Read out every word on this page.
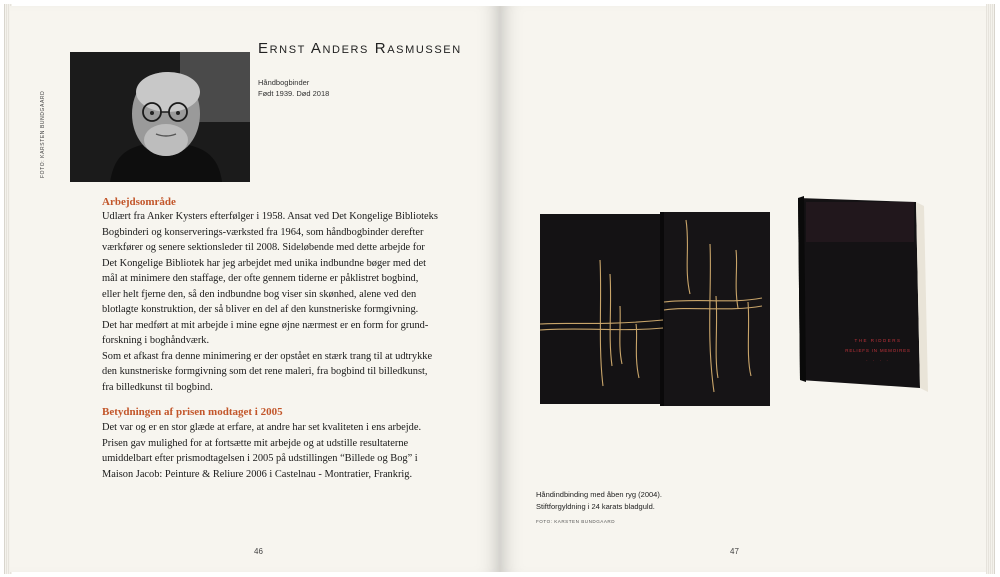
FOTO: KARSTEN BUNDGAARD
Ernst Anders Rasmussen
Håndbogbinder
Født 1939. Død 2018
Arbejdsområde
Udlært fra Anker Kysters efterfølger i 1958. Ansat ved Det Kongelige Biblioteks
Bogbinderi og konserverings-værksted fra 1964, som håndbogbinder derefter
værkfører og senere sektionsleder til 2008. Sideløbende med dette arbejde for
Det Kongelige Bibliotek har jeg arbejdet med unika indbundne bøger med det
mål at minimere den staffage, der ofte gennem tiderne er påklistret bogbind,
eller helt fjerne den, så den indbundne bog viser sin skønhed, alene ved den
blotlagte konstruktion, der så bliver en del af den kunstneriske formgivning.
Det har medført at mit arbejde i mine egne øjne nærmest er en form for grund-
forskning i boghåndværk.
Som et afkast fra denne minimering er der opstået en stærk trang til at udtrykke
den kunstneriske formgivning som det rene maleri, fra bogbind til billedkunst,
fra billedkunst til bogbind.
Betydningen af prisen modtaget i 2005
Det var og er en stor glæde at erfare, at andre har set kvaliteten i ens arbejde.
Prisen gav mulighed for at fortsætte mit arbejde og at udstille resultaterne
umiddelbart efter prismodtagelsen i 2005 på udstillingen “Billede og Bog” i
Maison Jacob: Peinture & Reliure 2006 i Castelnau - Montratier, Frankrig.
46
THE RIDDERS
RELIEFS IN MEMOIRES
· · · ·
Håndindbinding med åben ryg (2004).
Stiftforgyldning i 24 karats bladguld.
FOTO: KARSTEN BUNDGAARD
47
